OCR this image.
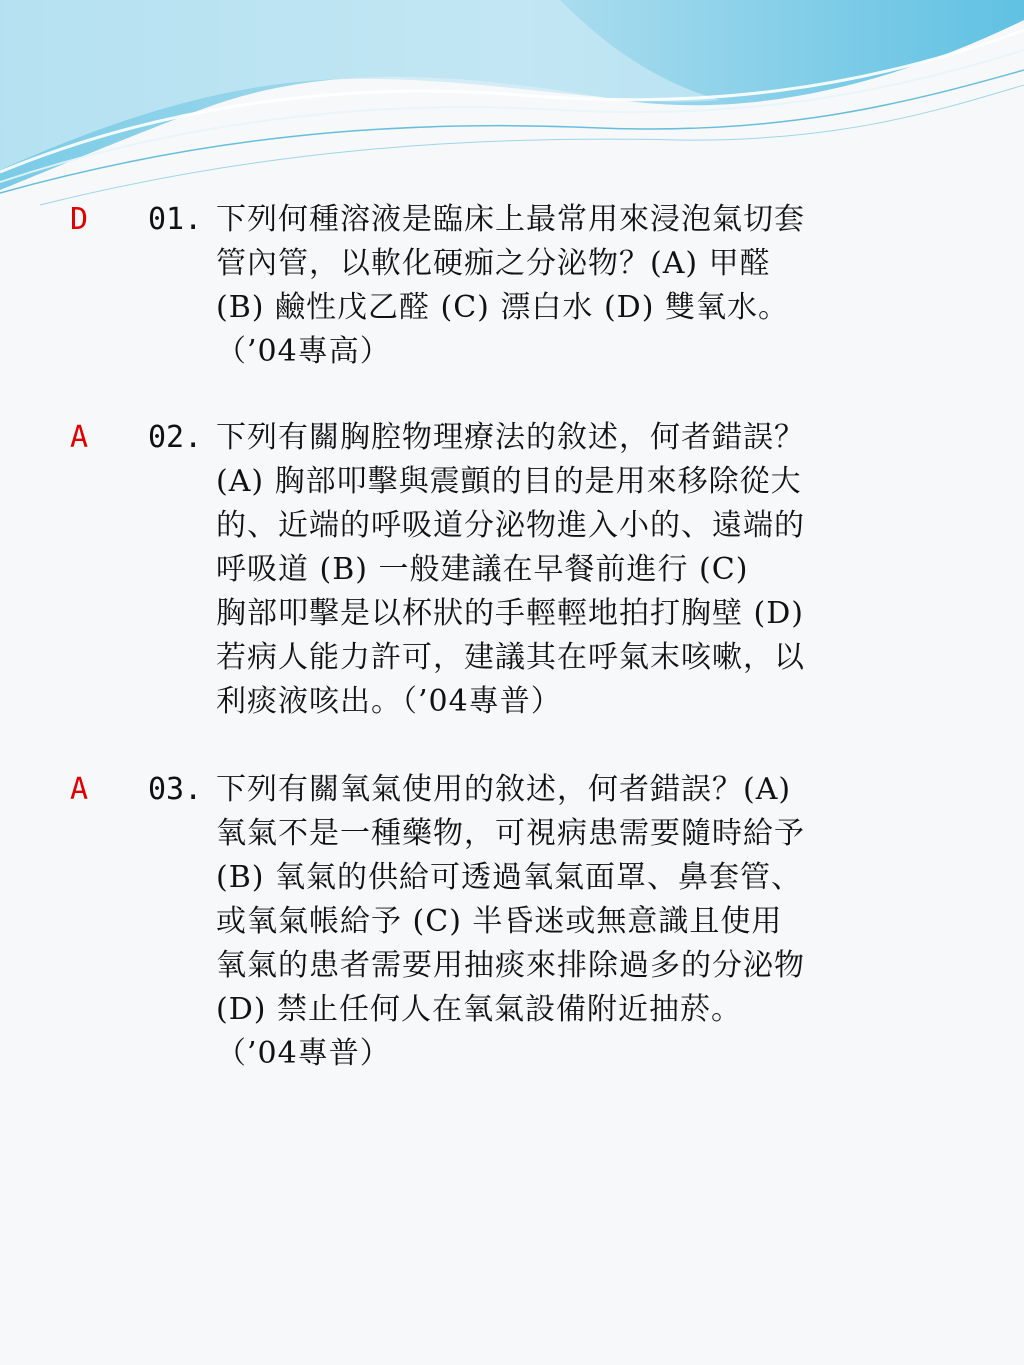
D 01. 下列何種溶液是臨床上最常用來浸泡氣切套
管內管，以軟化硬痂之分泌物？(A) 甲醛
(B) 鹼性戊乙醛 (C) 漂白水 (D) 雙氧水。
（’04專高）
A 02. 下列有關胸腔物理療法的敘述，何者錯誤？
(A) 胸部叩擊與震顫的目的是用來移除從大
的、近端的呼吸道分泌物進入小的、遠端的
呼吸道 (B) 一般建議在早餐前進行 (C)
胸部叩擊是以杯狀的手輕輕地拍打胸壁 (D)
若病人能力許可，建議其在呼氣末咳嗽，以
利痰液咳出。（’04專普）
A 03. 下列有關氧氣使用的敘述，何者錯誤？(A)
氧氣不是一種藥物，可視病患需要隨時給予
(B) 氧氣的供給可透過氧氣面罩、鼻套管、
或氧氣帳給予 (C) 半昏迷或無意識且使用
氧氣的患者需要用抽痰來排除過多的分泌物
(D) 禁止任何人在氧氣設備附近抽菸。
（’04專普）
